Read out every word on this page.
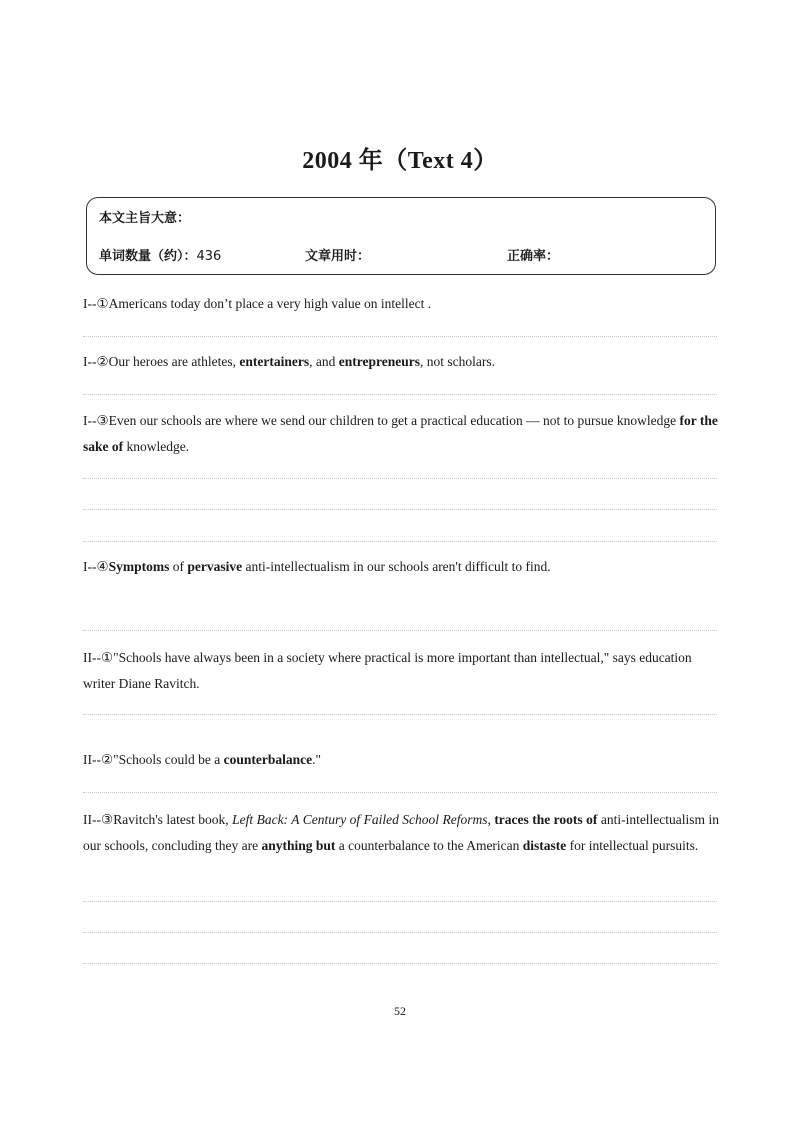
2004 年（Text 4）
本文主旨大意：
单词数量（约）：436	文章用时：	正确率：
I--①Americans today don’t place a very high value on intellect .
I--②Our heroes are athletes, entertainers, and entrepreneurs, not scholars.
I--③Even our schools are where we send our children to get a practical education — not to pursue knowledge for the sake of knowledge.
I--④Symptoms of pervasive anti-intellectualism in our schools aren't difficult to find.
II--①"Schools have always been in a society where practical is more important than intellectual," says education writer Diane Ravitch.
II--②"Schools could be a counterbalance."
II--③Ravitch's latest book, Left Back: A Century of Failed School Reforms, traces the roots of anti-intellectualism in our schools, concluding they are anything but a counterbalance to the American distaste for intellectual pursuits.
52
